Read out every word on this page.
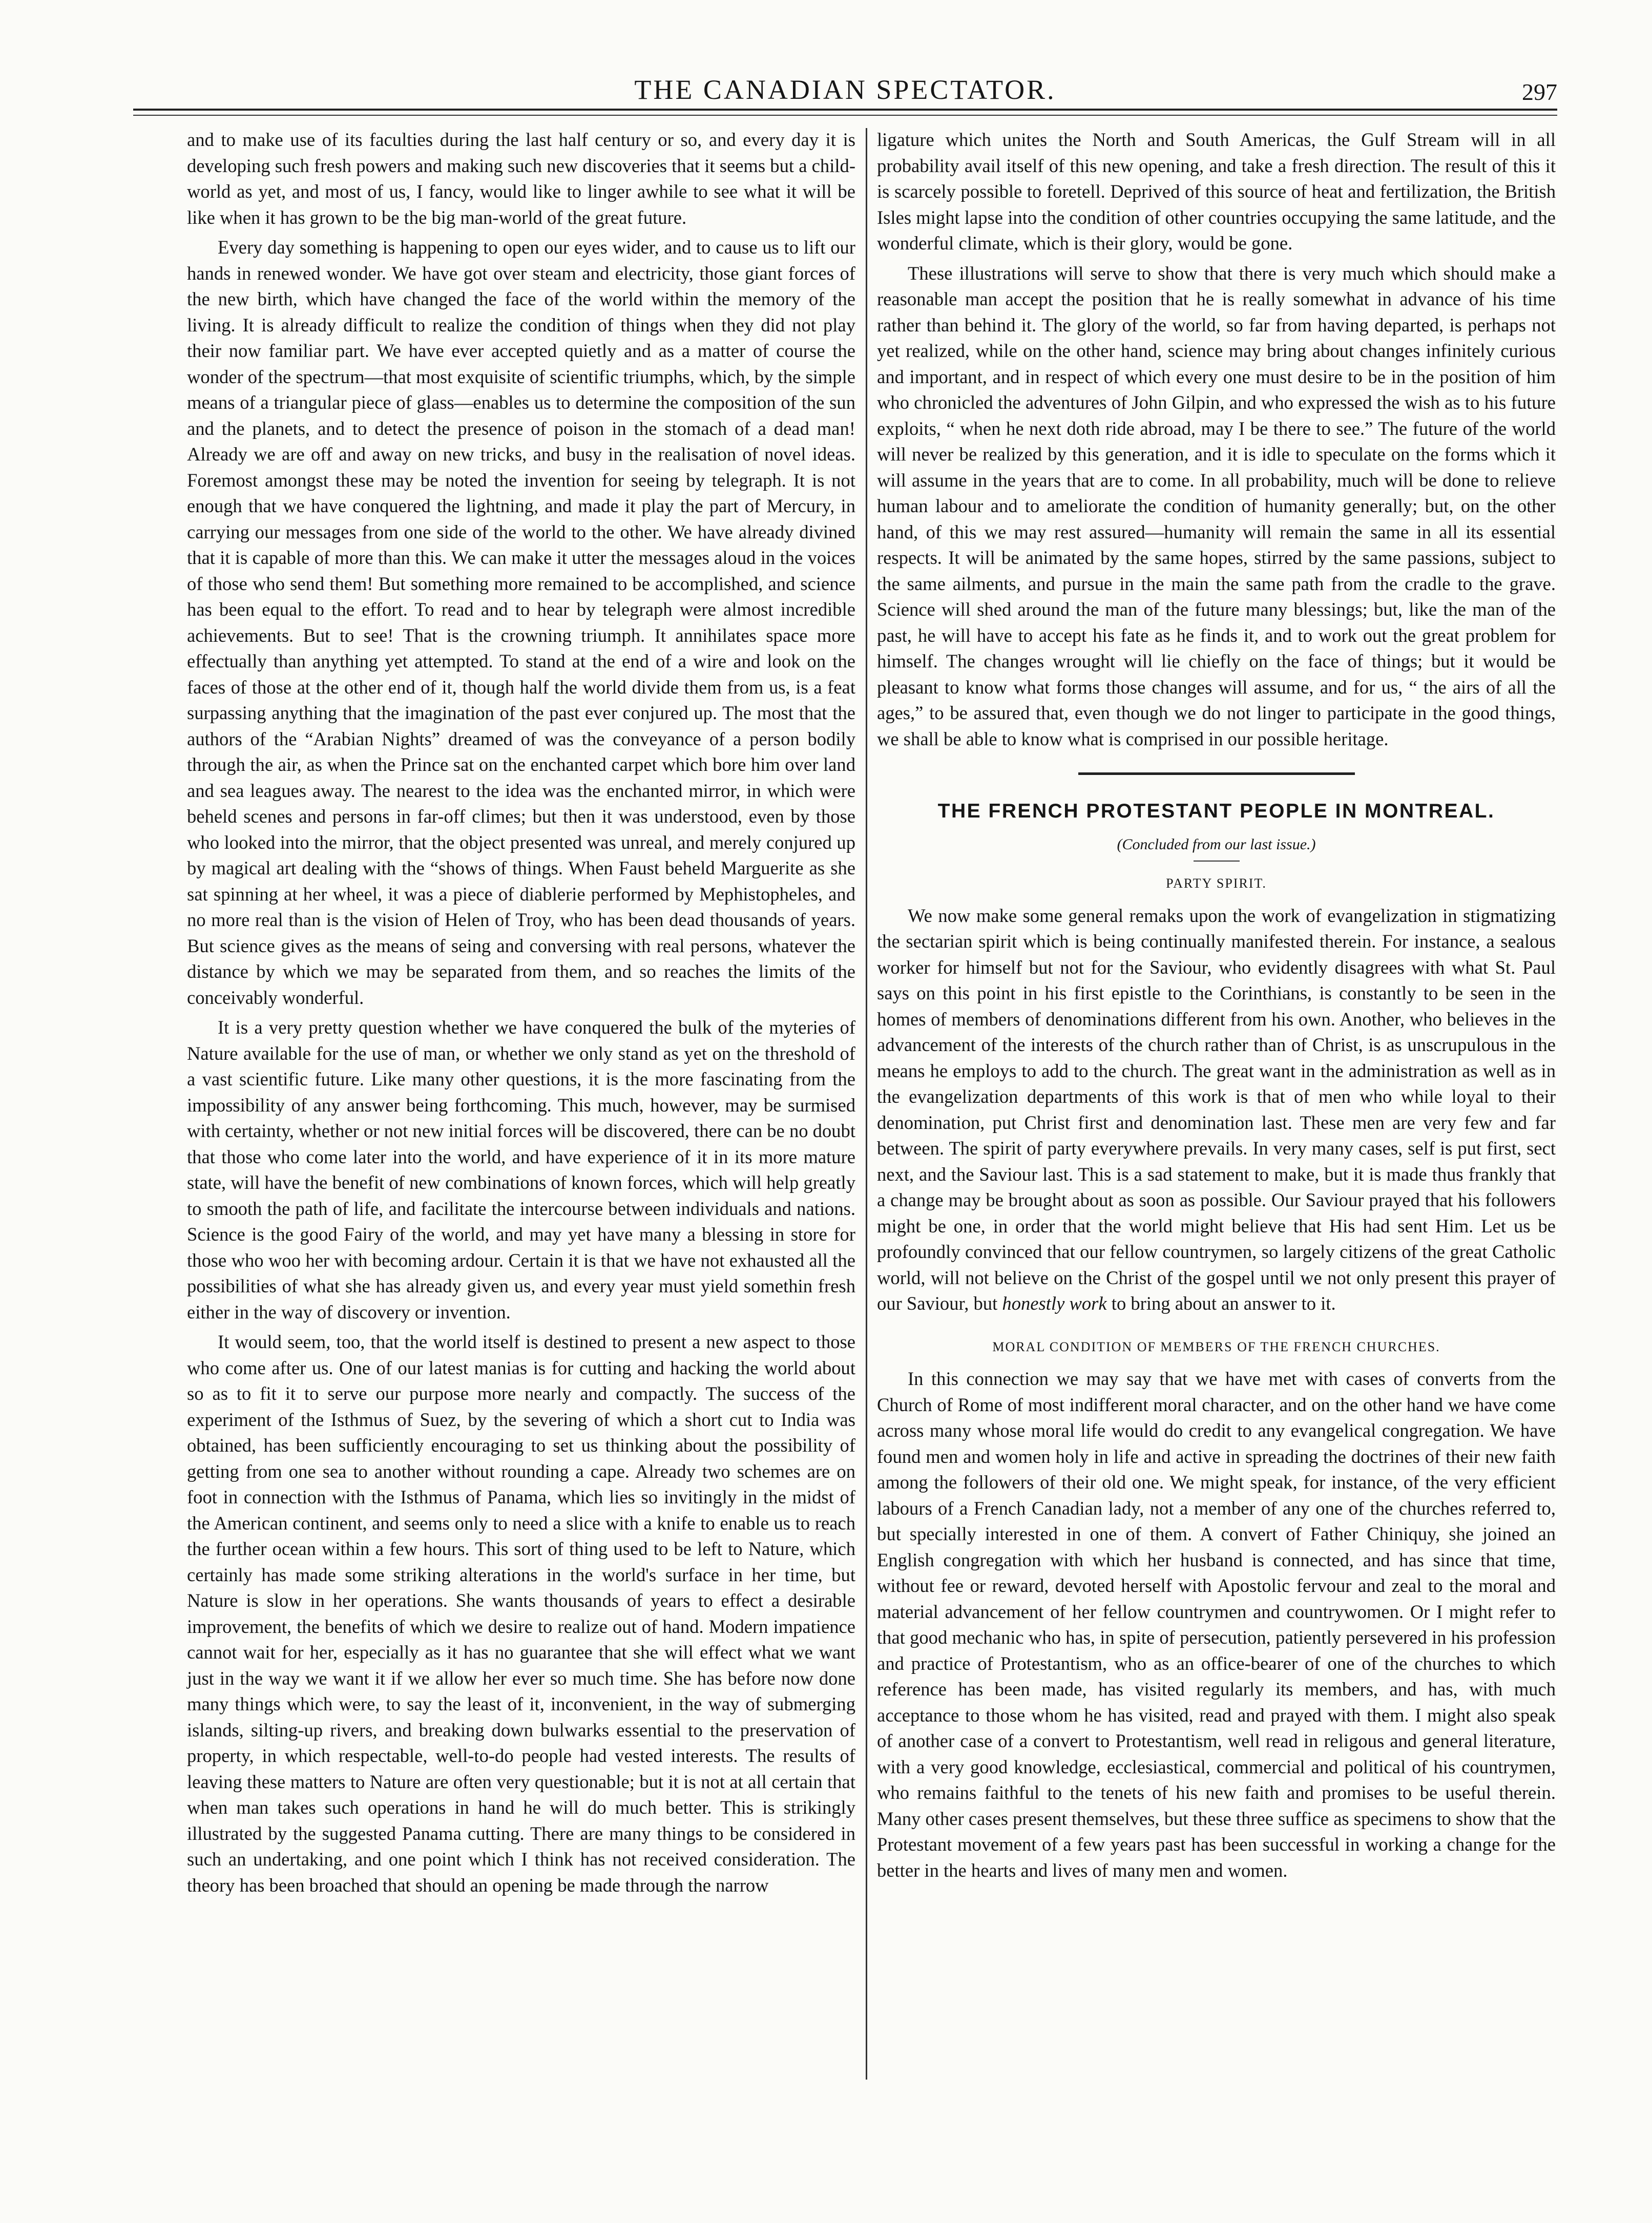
THE CANADIAN SPECTATOR.	297

and to make use of its faculties during the last half century or so, and every day it is developing such fresh powers and making such new discoveries that it seems but a child-world as yet, and most of us, I fancy, would like to linger awhile to see what it will be like when it has grown to be the big man-world of the great future.

Every day something is happening to open our eyes wider, and to cause us to lift our hands in renewed wonder. We have got over steam and electricity, those giant forces of the new birth, which have changed the face of the world within the memory of the living. It is already difficult to realize the condition of things when they did not play their now familiar part. We have ever accepted quietly and as a matter of course the wonder of the spectrum—that most exquisite of scientific triumphs, which, by the simple means of a triangular piece of glass—enables us to determine the composition of the sun and the planets, and to detect the presence of poison in the stomach of a dead man! Already we are off and away on new tricks, and busy in the realisation of novel ideas. Foremost amongst these may be noted the invention for seeing by telegraph. It is not enough that we have conquered the lightning, and made it play the part of Mercury, in carrying our messages from one side of the world to the other. We have already divined that it is capable of more than this. We can make it utter the messages aloud in the voices of those who send them! But something more remained to be accomplished, and science has been equal to the effort. To read and to hear by telegraph were almost incredible achievements. But to see! That is the crowning triumph. It annihilates space more effectually than anything yet attempted. To stand at the end of a wire and look on the faces of those at the other end of it, though half the world divide them from us, is a feat surpassing anything that the imagination of the past ever conjured up. The most that the authors of the “Arabian Nights” dreamed of was the conveyance of a person bodily through the air, as when the Prince sat on the enchanted carpet which bore him over land and sea leagues away. The nearest to the idea was the enchanted mirror, in which were beheld scenes and persons in far-off climes; but then it was understood, even by those who looked into the mirror, that the object presented was unreal, and merely conjured up by magical art dealing with the “shows of things. When Faust beheld Marguerite as she sat spinning at her wheel, it was a piece of diablerie performed by Mephistopheles, and no more real than is the vision of Helen of Troy, who has been dead thousands of years. But science gives as the means of seing and conversing with real persons, whatever the distance by which we may be separated from them, and so reaches the limits of the conceivably wonderful.

It is a very pretty question whether we have conquered the bulk of the myteries of Nature available for the use of man, or whether we only stand as yet on the threshold of a vast scientific future. Like many other questions, it is the more fascinating from the impossibility of any answer being forthcoming. This much, however, may be surmised with certainty, whether or not new initial forces will be discovered, there can be no doubt that those who come later into the world, and have experience of it in its more mature state, will have the benefit of new combinations of known forces, which will help greatly to smooth the path of life, and facilitate the intercourse between individuals and nations. Science is the good Fairy of the world, and may yet have many a blessing in store for those who woo her with becoming ardour. Certain it is that we have not exhausted all the possibilities of what she has already given us, and every year must yield somethin fresh either in the way of discovery or invention.

It would seem, too, that the world itself is destined to present a new aspect to those who come after us. One of our latest manias is for cutting and hacking the world about so as to fit it to serve our purpose more nearly and compactly. The success of the experiment of the Isthmus of Suez, by the severing of which a short cut to India was obtained, has been sufficiently encouraging to set us thinking about the possibility of getting from one sea to another without rounding a cape. Already two schemes are on foot in connection with the Isthmus of Panama, which lies so invitingly in the midst of the American continent, and seems only to need a slice with a knife to enable us to reach the further ocean within a few hours. This sort of thing used to be left to Nature, which certainly has made some striking alterations in the world's surface in her time, but Nature is slow in her operations. She wants thousands of years to effect a desirable improvement, the benefits of which we desire to realize out of hand. Modern impatience cannot wait for her, especially as it has no guarantee that she will effect what we want just in the way we want it if we allow her ever so much time. She has before now done many things which were, to say the least of it, inconvenient, in the way of submerging islands, silting-up rivers, and breaking down bulwarks essential to the preservation of property, in which respectable, well-to-do people had vested interests. The results of leaving these matters to Nature are often very questionable; but it is not at all certain that when man takes such operations in hand he will do much better. This is strikingly illustrated by the suggested Panama cutting. There are many things to be considered in such an undertaking, and one point which I think has not received consideration. The theory has been broached that should an opening be made through the narrow

ligature which unites the North and South Americas, the Gulf Stream will in all probability avail itself of this new opening, and take a fresh direction. The result of this it is scarcely possible to foretell. Deprived of this source of heat and fertilization, the British Isles might lapse into the condition of other countries occupying the same latitude, and the wonderful climate, which is their glory, would be gone.

These illustrations will serve to show that there is very much which should make a reasonable man accept the position that he is really somewhat in advance of his time rather than behind it. The glory of the world, so far from having departed, is perhaps not yet realized, while on the other hand, science may bring about changes infinitely curious and important, and in respect of which every one must desire to be in the position of him who chronicled the adventures of John Gilpin, and who expressed the wish as to his future exploits, “ when he next doth ride abroad, may I be there to see.” The future of the world will never be realized by this generation, and it is idle to speculate on the forms which it will assume in the years that are to come. In all probability, much will be done to relieve human labour and to ameliorate the condition of humanity generally; but, on the other hand, of this we may rest assured—humanity will remain the same in all its essential respects. It will be animated by the same hopes, stirred by the same passions, subject to the same ailments, and pursue in the main the same path from the cradle to the grave. Science will shed around the man of the future many blessings; but, like the man of the past, he will have to accept his fate as he finds it, and to work out the great problem for himself. The changes wrought will lie chiefly on the face of things; but it would be pleasant to know what forms those changes will assume, and for us, “ the airs of all the ages,” to be assured that, even though we do not linger to participate in the good things, we shall be able to know what is comprised in our possible heritage.

THE FRENCH PROTESTANT PEOPLE IN MONTREAL.
(Concluded from our last issue.)
PARTY SPIRIT.

We now make some general remaks upon the work of evangelization in stigmatizing the sectarian spirit which is being continually manifested therein. For instance, a sealous worker for himself but not for the Saviour, who evidently disagrees with what St. Paul says on this point in his first epistle to the Corinthians, is constantly to be seen in the homes of members of denominations different from his own. Another, who believes in the advancement of the interests of the church rather than of Christ, is as unscrupulous in the means he employs to add to the church. The great want in the administration as well as in the evangelization departments of this work is that of men who while loyal to their denomination, put Christ first and denomination last. These men are very few and far between. The spirit of party everywhere prevails. In very many cases, self is put first, sect next, and the Saviour last. This is a sad statement to make, but it is made thus frankly that a change may be brought about as soon as possible. Our Saviour prayed that his followers might be one, in order that the world might believe that His had sent Him. Let us be profoundly convinced that our fellow countrymen, so largely citizens of the great Catholic world, will not believe on the Christ of the gospel until we not only present this prayer of our Saviour, but honestly work to bring about an answer to it.

MORAL CONDITION OF MEMBERS OF THE FRENCH CHURCHES.

In this connection we may say that we have met with cases of converts from the Church of Rome of most indifferent moral character, and on the other hand we have come across many whose moral life would do credit to any evangelical congregation. We have found men and women holy in life and active in spreading the doctrines of their new faith among the followers of their old one. We might speak, for instance, of the very efficient labours of a French Canadian lady, not a member of any one of the churches referred to, but specially interested in one of them. A convert of Father Chiniquy, she joined an English congregation with which her husband is connected, and has since that time, without fee or reward, devoted herself with Apostolic fervour and zeal to the moral and material advancement of her fellow countrymen and countrywomen. Or I might refer to that good mechanic who has, in spite of persecution, patiently persevered in his profession and practice of Protestantism, who as an office-bearer of one of the churches to which reference has been made, has visited regularly its members, and has, with much acceptance to those whom he has visited, read and prayed with them. I might also speak of another case of a convert to Protestantism, well read in religous and general literature, with a very good knowledge, ecclesiastical, commercial and political of his countrymen, who remains faithful to the tenets of his new faith and promises to be useful therein. Many other cases present themselves, but these three suffice as specimens to show that the Protestant movement of a few years past has been successful in working a change for the better in the hearts and lives of many men and women.
